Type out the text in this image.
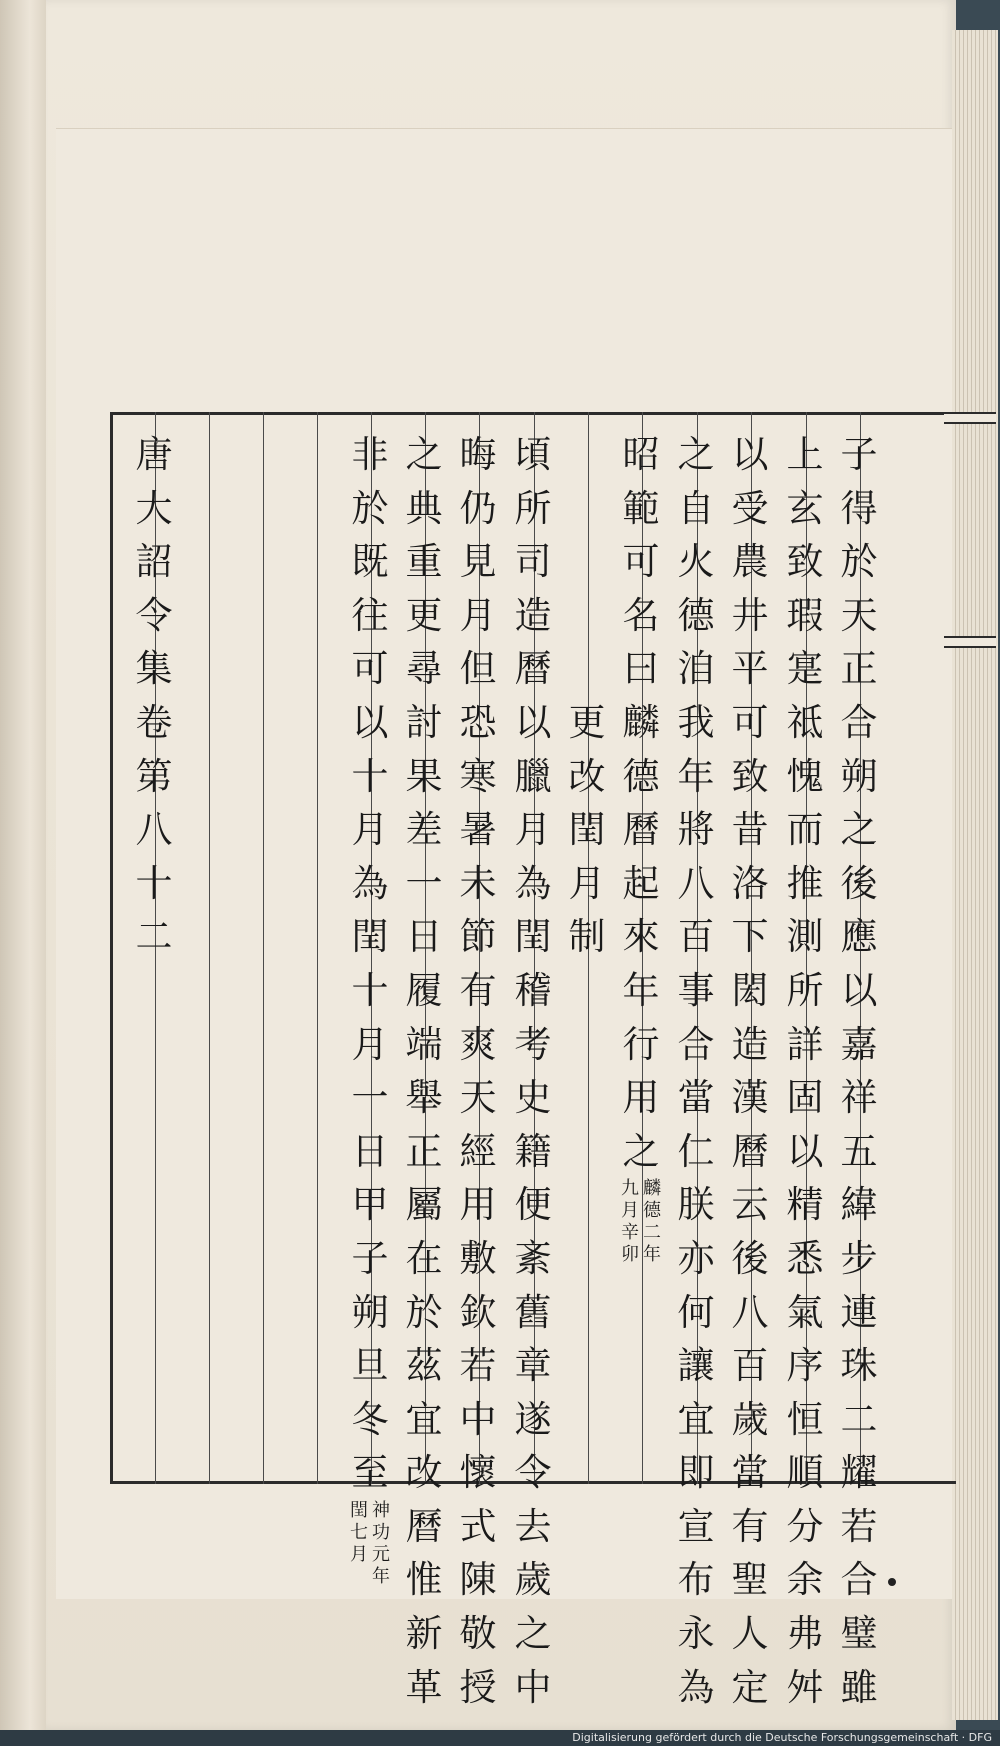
子
得
於
天
正
合
朔
之
後
應
以
嘉
祥
五
緯
步
連
珠
二
耀
若
合
璧
雖
上
玄
致
瑕
寔
祗
愧
而
推
測
所
詳
固
以
精
悉
氣
序
恒
順
分
余
弗
舛
以
受
農
井
平
可
致
昔
洛
下
閎
造
漢
曆
云
後
八
百
歲
當
有
聖
人
定
之
自
火
德
洎
我
年
將
八
百
事
合
當
仁
朕
亦
何
讓
宜
即
宣
布
永
為
昭
範
可
名
曰
麟
德
曆
起
來
年
行
用
之
麟
德
二
年
九
月
辛
卯

更
改
閏
月
制
頃
所
司
造
曆
以
臘
月
為
閏
稽
考
史
籍
便
紊
舊
章
遂
令
去
歲
之
中
晦
仍
見
月
但
恐
寒
暑
未
節
有
爽
天
經
用
敷
欽
若
中
懷
式
陳
敬
授
之
典
重
更
尋
討
果
差
一
日
履
端
舉
正
屬
在
於
茲
宜
改
曆
惟
新
革
非
於
既
往
可
以
十
月
為
閏
十
月
一
日
甲
子
朔
旦
冬
至
神
功
元
年
閏
七
月
唐
大
詔
令
集
卷
第
八
十
二
Digitalisierung gefördert durch die Deutsche Forschungsgemeinschaft · DFG
